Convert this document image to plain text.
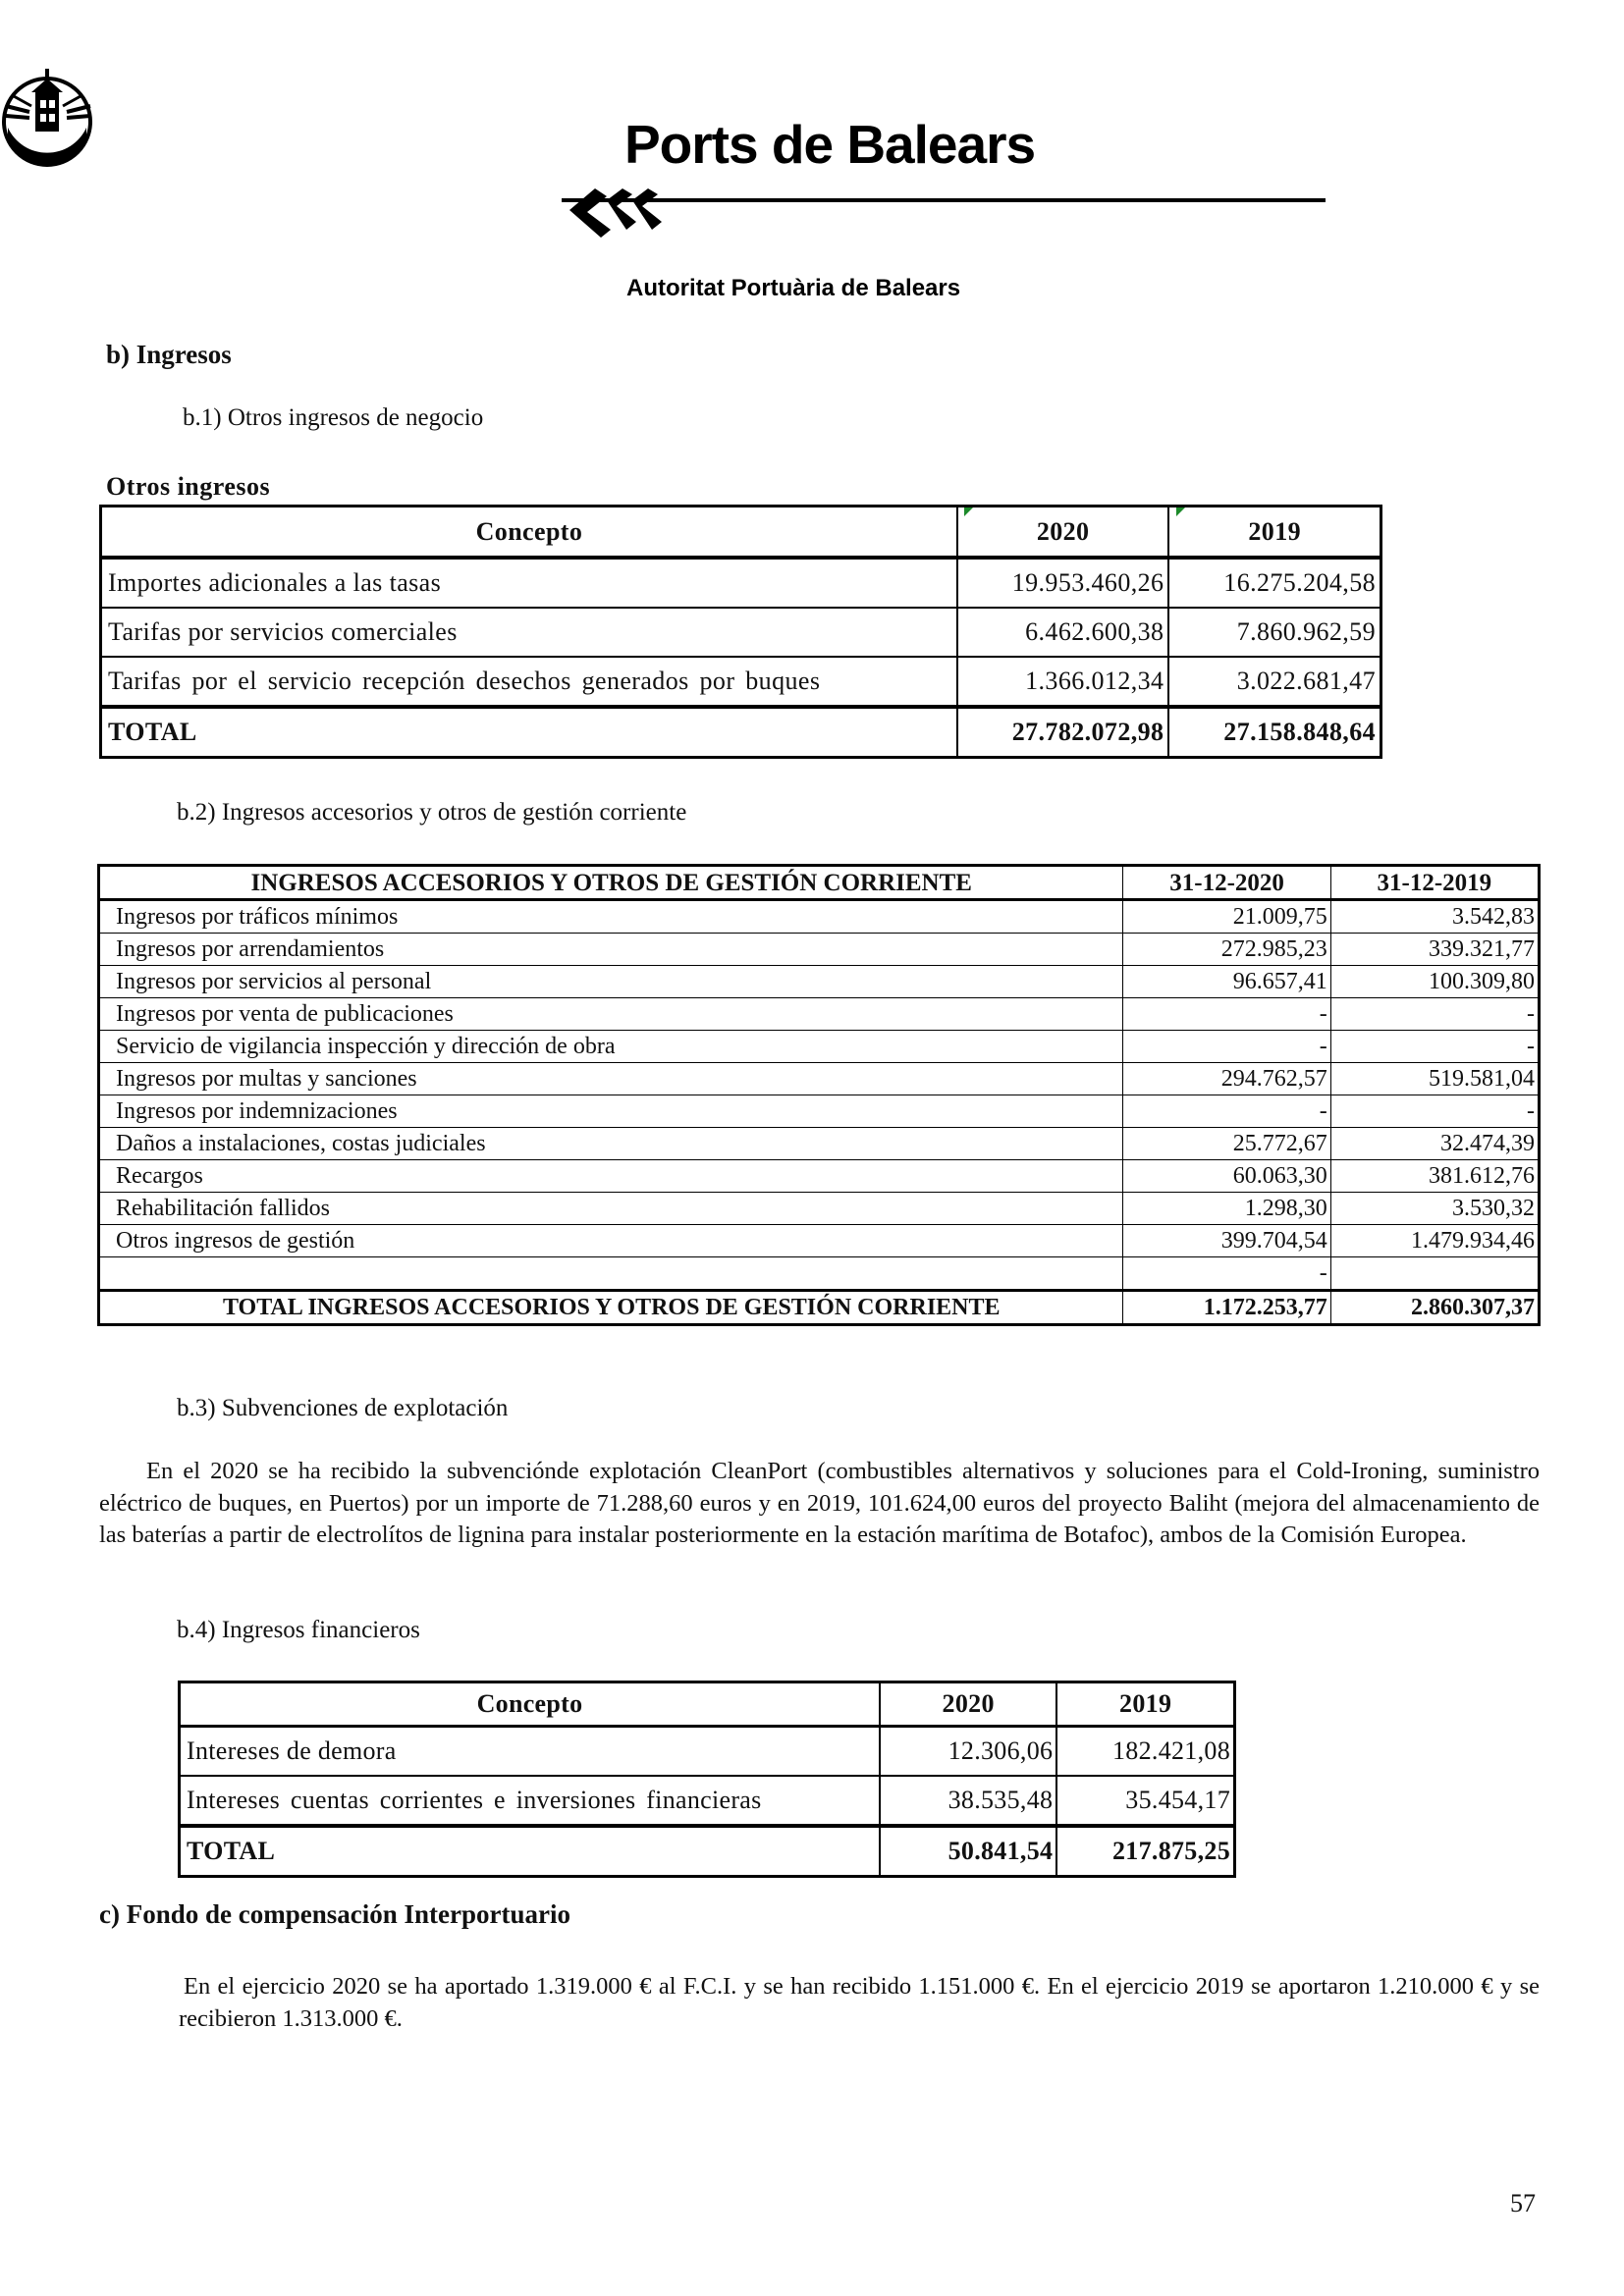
Ports de Balears
Autoritat Portuària de Balears
b) Ingresos
b.1) Otros ingresos de negocio
Otros ingresos
Concepto	2020	2019
Importes adicionales a las tasas	19.953.460,26	16.275.204,58
Tarifas por servicios comerciales	6.462.600,38	7.860.962,59
Tarifas por el servicio recepción desechos generados por buques	1.366.012,34	3.022.681,47
TOTAL	27.782.072,98	27.158.848,64
b.2) Ingresos accesorios y otros de gestión corriente
INGRESOS ACCESORIOS Y OTROS DE GESTIÓN CORRIENTE	31-12-2020	31-12-2019
Ingresos por tráficos mínimos	21.009,75	3.542,83
Ingresos por arrendamientos	272.985,23	339.321,77
Ingresos por servicios al personal	96.657,41	100.309,80
Ingresos por venta de publicaciones	-	-
Servicio de vigilancia inspección y dirección de obra	-	-
Ingresos por multas y sanciones	294.762,57	519.581,04
Ingresos por indemnizaciones	-	-
Daños a instalaciones, costas judiciales	25.772,67	32.474,39
Recargos	60.063,30	381.612,76
Rehabilitación fallidos	1.298,30	3.530,32
Otros ingresos de gestión	399.704,54	1.479.934,46
	-	
TOTAL INGRESOS ACCESORIOS Y OTROS DE GESTIÓN CORRIENTE	1.172.253,77	2.860.307,37
b.3) Subvenciones de explotación
En el 2020 se ha recibido la subvencióndе explotación CleanPort (combustibles alternativos y soluciones para el Cold-Ironing, suministro eléctrico de buques, en Puertos) por un importe de 71.288,60 euros y en 2019, 101.624,00 euros del proyecto Baliht (mejora del almacenamiento de las baterías a partir de electrolítos de lignina para instalar posteriormente en la estación marítima de Botafoc), ambos de la Comisión Europea.
b.4) Ingresos financieros
Concepto	2020	2019
Intereses de demora	12.306,06	182.421,08
Intereses cuentas corrientes e inversiones financieras	38.535,48	35.454,17
TOTAL	50.841,54	217.875,25
c) Fondo de compensación Interportuario
En el ejercicio 2020 se ha aportado 1.319.000 € al F.C.I. y se han recibido 1.151.000 €. En el ejercicio 2019 se aportaron 1.210.000 € y se recibieron 1.313.000 €.
57
